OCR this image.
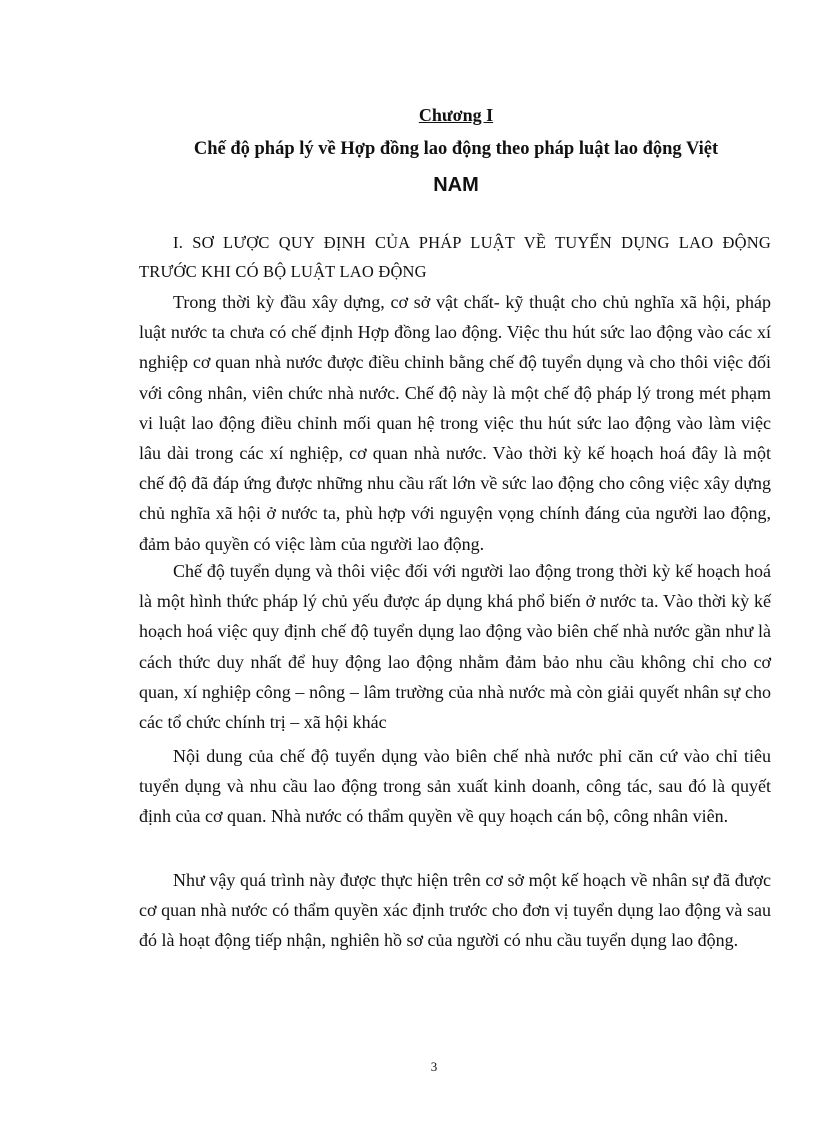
Chương I
Chế độ pháp lý về Hợp đồng lao động theo pháp luật lao động Việt
NAM
I. SƠ LƯỢC QUY ĐỊNH CỦA PHÁP LUẬT VỀ TUYỂN DỤNG LAO ĐỘNG TRƯỚC KHI CÓ BỘ LUẬT LAO ĐỘNG

Trong thời kỳ đầu xây dựng, cơ sở vật chất- kỹ thuật cho chủ nghĩa xã hội, pháp luật nước ta chưa có chế định Hợp đồng lao động. Việc thu hút sức lao động vào các xí nghiệp cơ quan nhà nước được điều chỉnh bằng chế độ tuyển dụng và cho thôi việc đối với công nhân, viên chức nhà nước. Chế độ này là một chế độ pháp lý trong mét phạm vi luật lao động điều chỉnh mối quan hệ trong việc thu hút sức lao động vào làm việc lâu dài trong các xí nghiệp, cơ quan nhà nước. Vào thời kỳ kế hoạch hoá đây là một chế độ đã đáp ứng được những nhu cầu rất lớn về sức lao động cho công việc xây dựng chủ nghĩa xã hội ở nước ta, phù hợp với nguyện vọng chính đáng của người lao động, đảm bảo quyền có việc làm của người lao động.

Chế độ tuyển dụng và thôi việc đối với người lao động trong thời kỳ kế hoạch hoá là một hình thức pháp lý chủ yếu được áp dụng khá phổ biến ở nước ta. Vào thời kỳ kế hoạch hoá việc quy định chế độ tuyển dụng lao động vào biên chế nhà nước gần như là cách thức duy nhất để huy động lao động nhằm đảm bảo nhu cầu không chỉ cho cơ quan, xí nghiệp công – nông – lâm trường của nhà nước mà còn giải quyết nhân sự cho các tổ chức chính trị – xã hội khác

Nội dung của chế độ tuyển dụng vào biên chế nhà nước phỉ căn cứ vào chỉ tiêu tuyển dụng và nhu cầu lao động trong sản xuất kinh doanh, công tác, sau đó là quyết định của cơ quan. Nhà nước có thẩm quyền về quy hoạch cán bộ, công nhân viên.

Như vậy quá trình này được thực hiện trên cơ sở một kế hoạch về nhân sự đã được cơ quan nhà nước có thẩm quyền xác định trước cho đơn vị tuyển dụng lao động và sau đó là hoạt động tiếp nhận, nghiên hồ sơ của người có nhu cầu tuyển dụng lao động.

3
